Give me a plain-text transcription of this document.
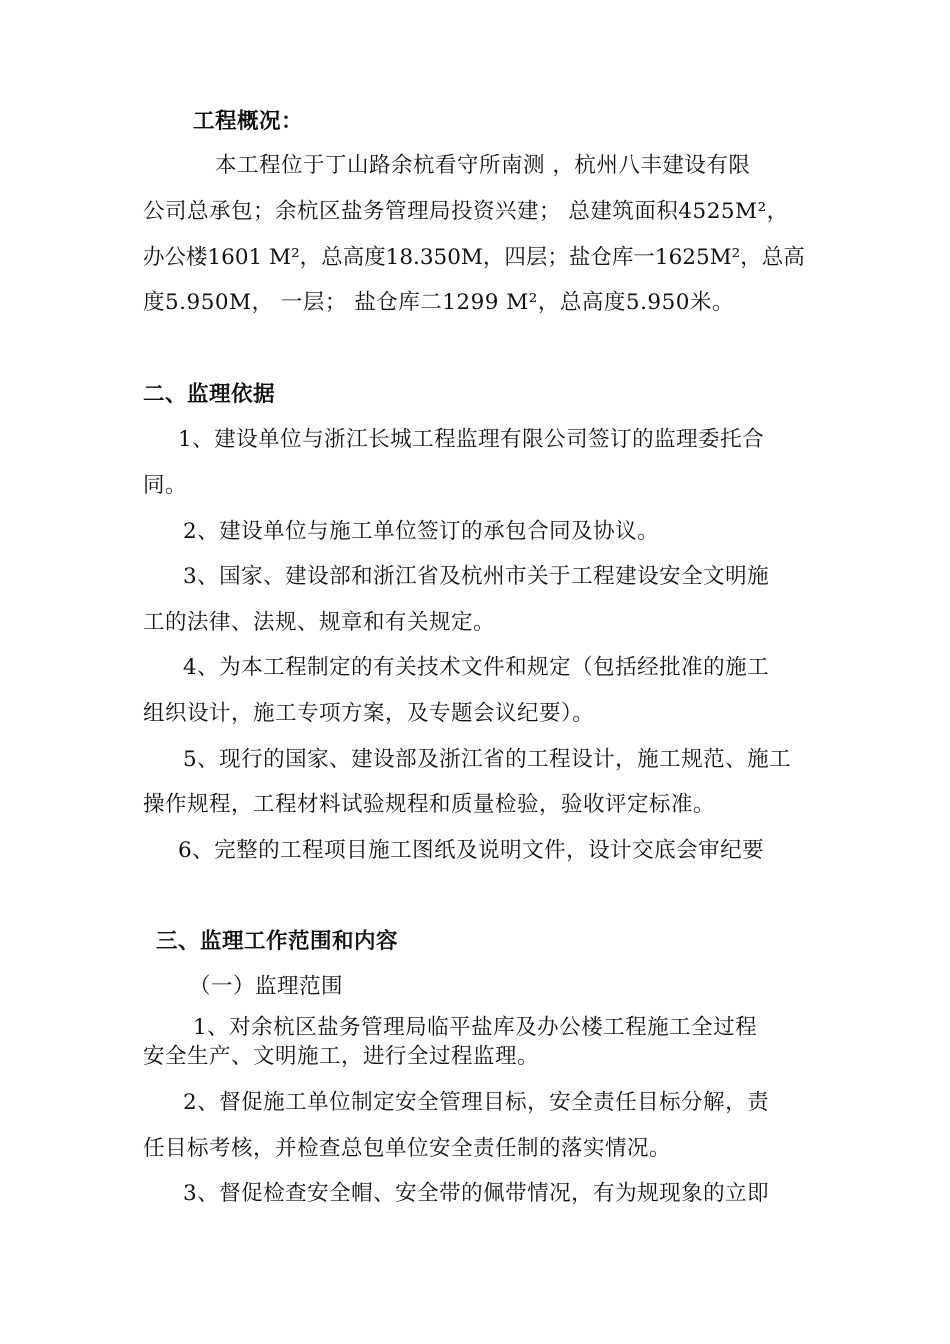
工程概况：
本工程位于丁山路余杭看守所南测 ，杭州八丰建设有限
公司总承包；余杭区盐务管理局投资兴建； 总建筑面积4525M²，
办公楼1601 M²，总高度18.350M，四层；盐仓库一1625M²，总高
度5.950M， 一层； 盐仓库二1299 M²，总高度5.950米。
二、监理依据
1、建设单位与浙江长城工程监理有限公司签订的监理委托合
同。
2、建设单位与施工单位签订的承包合同及协议。
3、国家、建设部和浙江省及杭州市关于工程建设安全文明施
工的法律、法规、规章和有关规定。
4、为本工程制定的有关技术文件和规定（包括经批准的施工
组织设计，施工专项方案，及专题会议纪要）。
5、现行的国家、建设部及浙江省的工程设计，施工规范、施工
操作规程，工程材料试验规程和质量检验，验收评定标准。
6、完整的工程项目施工图纸及说明文件，设计交底会审纪要
三、监理工作范围和内容
（一）监理范围
1、对余杭区盐务管理局临平盐库及办公楼工程施工全过程
安全生产、文明施工，进行全过程监理。
2、督促施工单位制定安全管理目标，安全责任目标分解，责
任目标考核，并检查总包单位安全责任制的落实情况。
3、督促检查安全帽、安全带的佩带情况，有为规现象的立即
